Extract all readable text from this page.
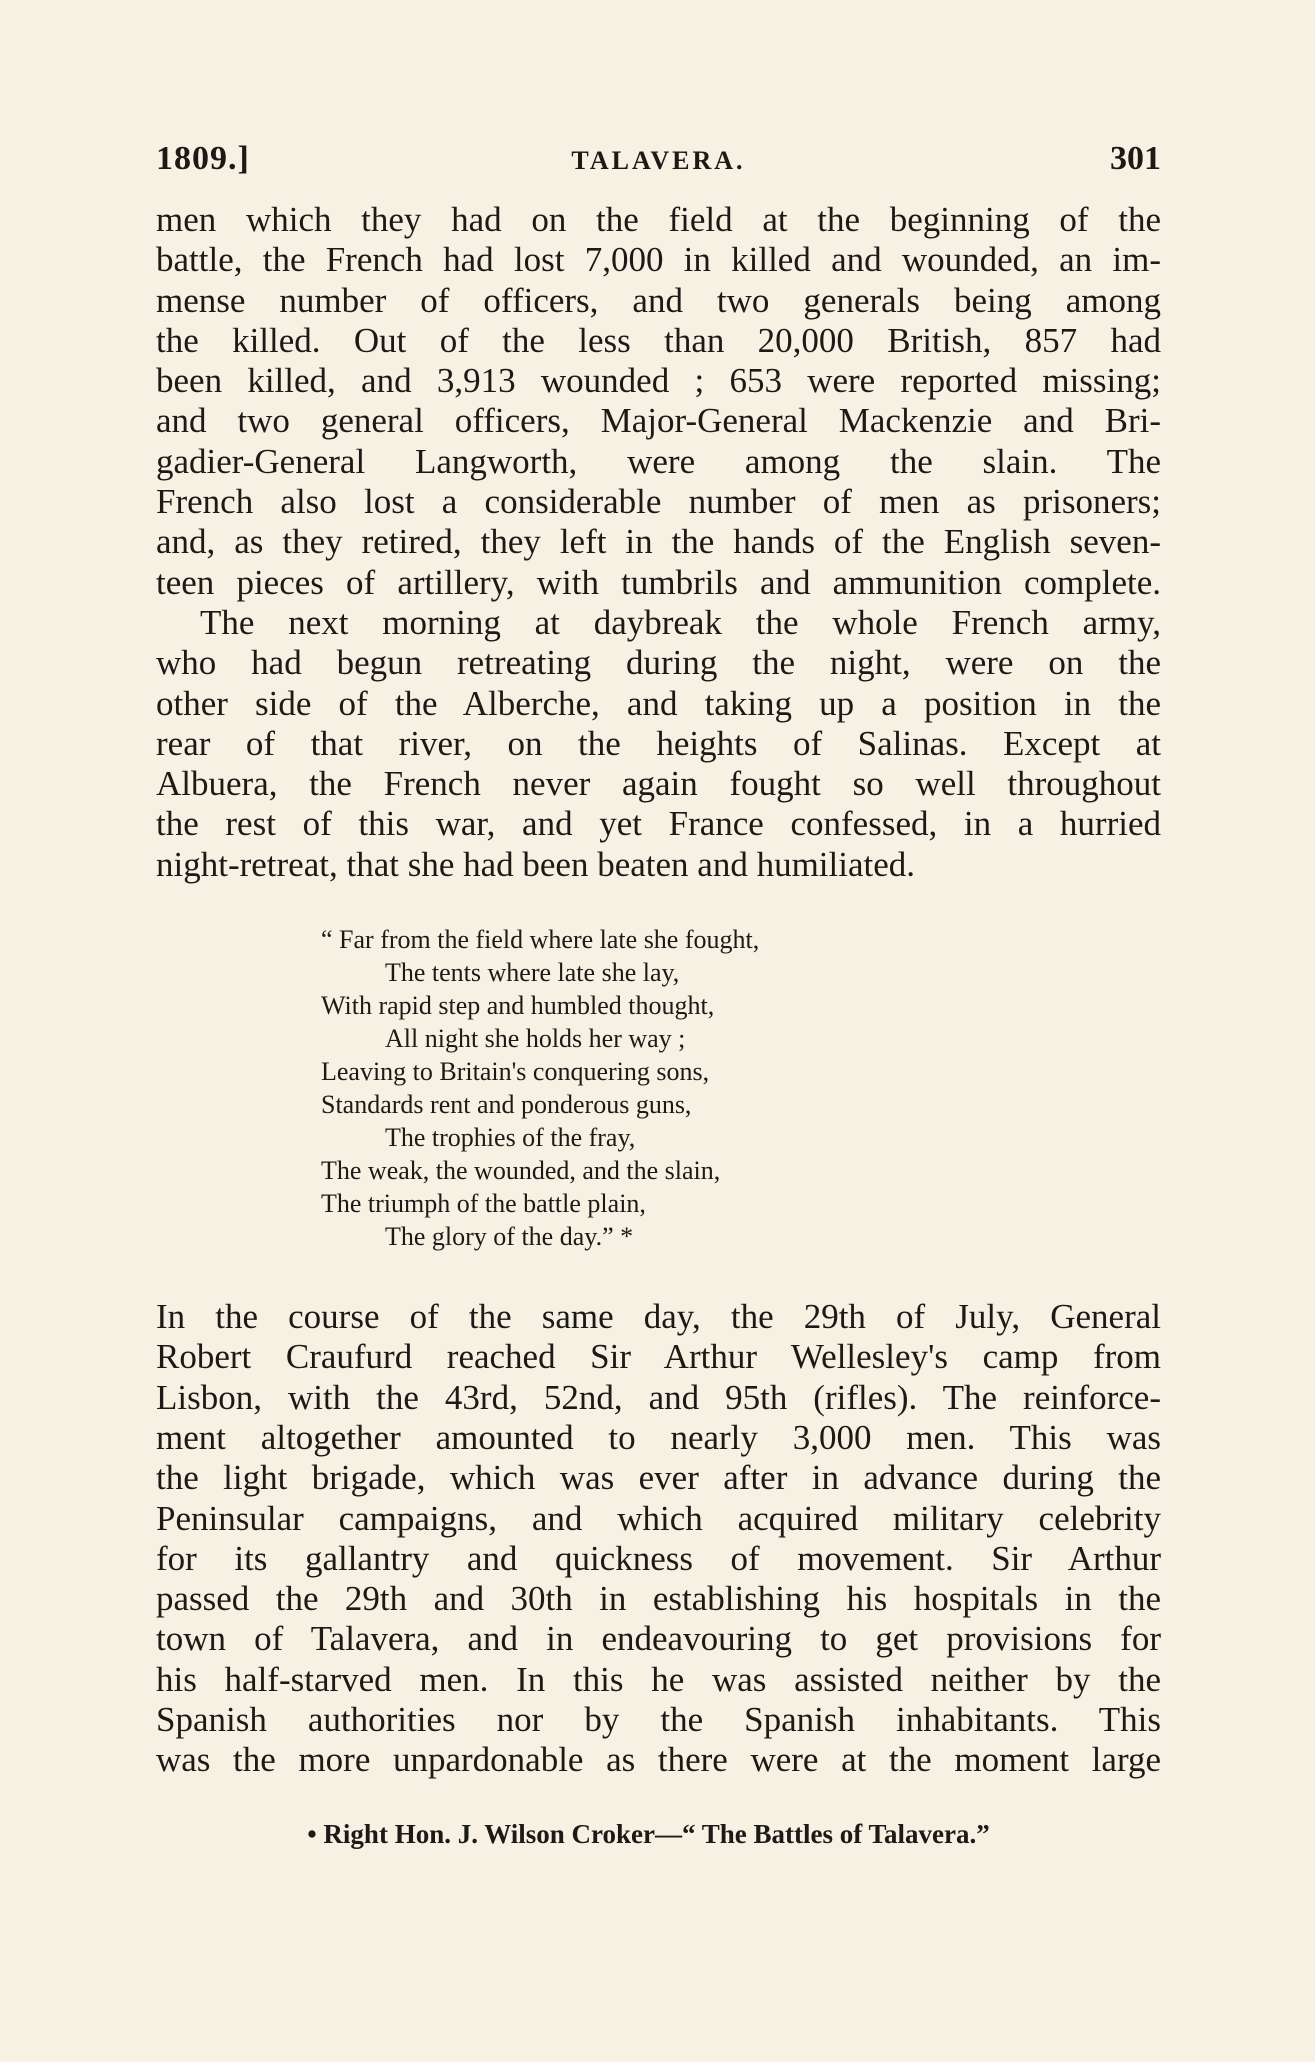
1809.]	TALAVERA.	301

men which they had on the field at the beginning of the
battle, the French had lost 7,000 in killed and wounded, an im-
mense number of officers, and two generals being among
the killed. Out of the less than 20,000 British, 857 had
been killed, and 3,913 wounded ; 653 were reported missing;
and two general officers, Major-General Mackenzie and Bri-
gadier-General Langworth, were among the slain. The
French also lost a considerable number of men as prisoners;
and, as they retired, they left in the hands of the English seven-
teen pieces of artillery, with tumbrils and ammunition complete.

The next morning at daybreak the whole French army,
who had begun retreating during the night, were on the
other side of the Alberche, and taking up a position in the
rear of that river, on the heights of Salinas. Except at
Albuera, the French never again fought so well throughout
the rest of this war, and yet France confessed, in a hurried
night-retreat, that she had been beaten and humiliated.

“ Far from the field where late she fought,
The tents where late she lay,
With rapid step and humbled thought,
All night she holds her way ;
Leaving to Britain's conquering sons,
Standards rent and ponderous guns,
The trophies of the fray,
The weak, the wounded, and the slain,
The triumph of the battle plain,
The glory of the day.” *

In the course of the same day, the 29th of July, General
Robert Craufurd reached Sir Arthur Wellesley's camp from
Lisbon, with the 43rd, 52nd, and 95th (rifles). The reinforce-
ment altogether amounted to nearly 3,000 men. This was
the light brigade, which was ever after in advance during the
Peninsular campaigns, and which acquired military celebrity
for its gallantry and quickness of movement. Sir Arthur
passed the 29th and 30th in establishing his hospitals in the
town of Talavera, and in endeavouring to get provisions for
his half-starved men. In this he was assisted neither by the
Spanish authorities nor by the Spanish inhabitants. This
was the more unpardonable as there were at the moment large

• Right Hon. J. Wilson Croker—“ The Battles of Talavera.”
